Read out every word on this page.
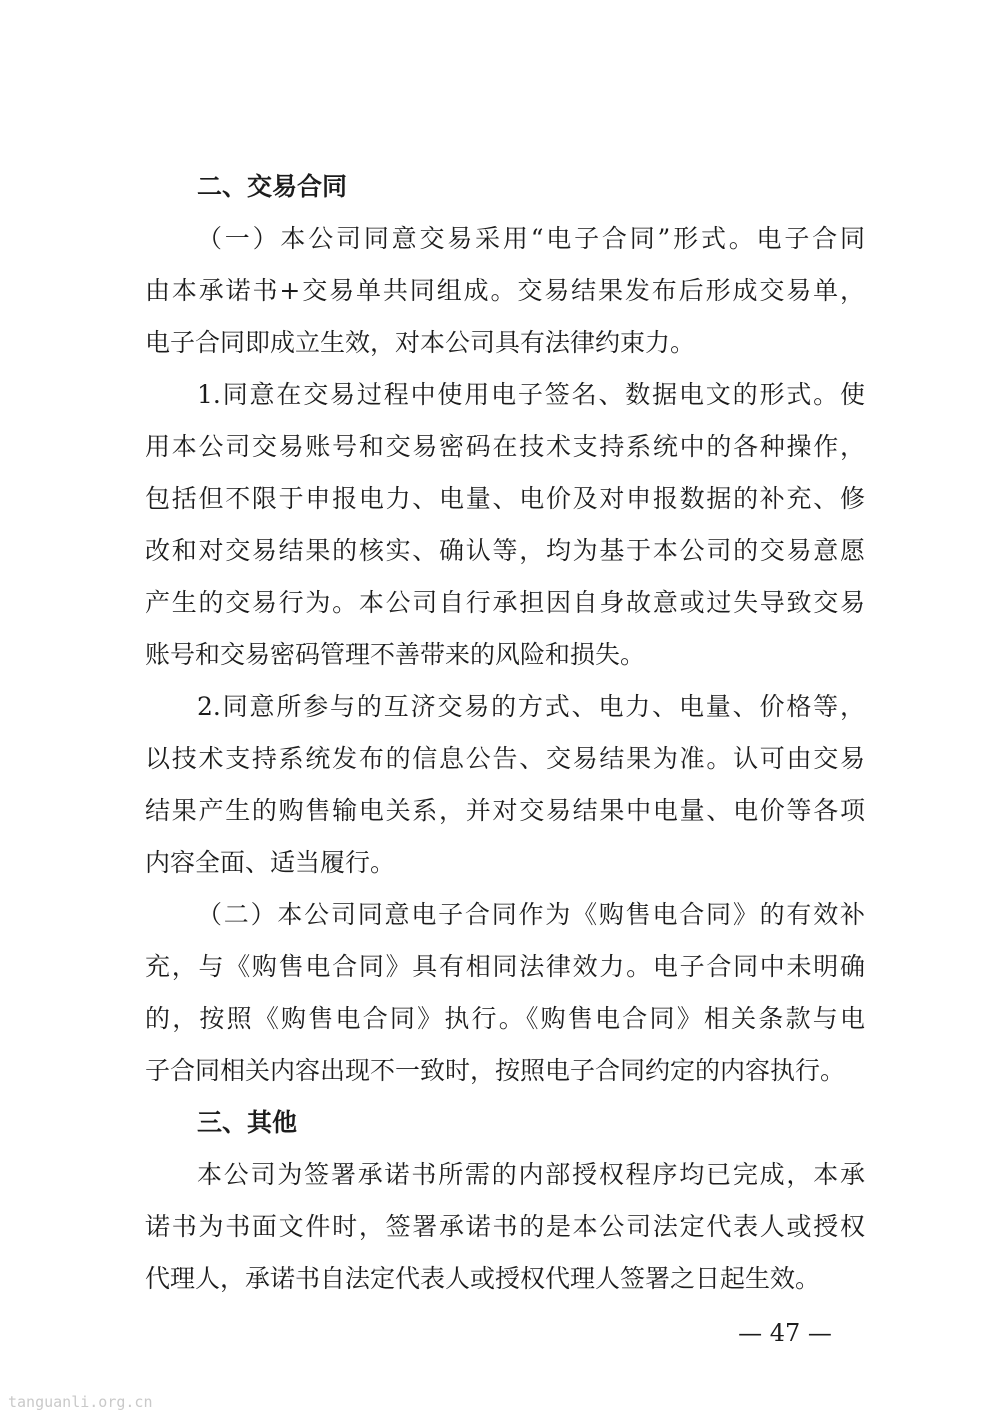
二、交易合同
（一）本公司同意交易采用“电子合同”形式。电子合同
由本承诺书+交易单共同组成。交易结果发布后形成交易单，
电子合同即成立生效，对本公司具有法律约束力。
1.同意在交易过程中使用电子签名、数据电文的形式。使
用本公司交易账号和交易密码在技术支持系统中的各种操作，
包括但不限于申报电力、电量、电价及对申报数据的补充、修
改和对交易结果的核实、确认等，均为基于本公司的交易意愿
产生的交易行为。本公司自行承担因自身故意或过失导致交易
账号和交易密码管理不善带来的风险和损失。
2.同意所参与的互济交易的方式、电力、电量、价格等，
以技术支持系统发布的信息公告、交易结果为准。认可由交易
结果产生的购售输电关系，并对交易结果中电量、电价等各项
内容全面、适当履行。
（二）本公司同意电子合同作为《购售电合同》的有效补
充，与《购售电合同》具有相同法律效力。电子合同中未明确
的，按照《购售电合同》执行。《购售电合同》相关条款与电
子合同相关内容出现不一致时，按照电子合同约定的内容执行。
三、其他
本公司为签署承诺书所需的内部授权程序均已完成，本承
诺书为书面文件时，签署承诺书的是本公司法定代表人或授权
代理人，承诺书自法定代表人或授权代理人签署之日起生效。
— 47 —
tanguanli.org.cn
